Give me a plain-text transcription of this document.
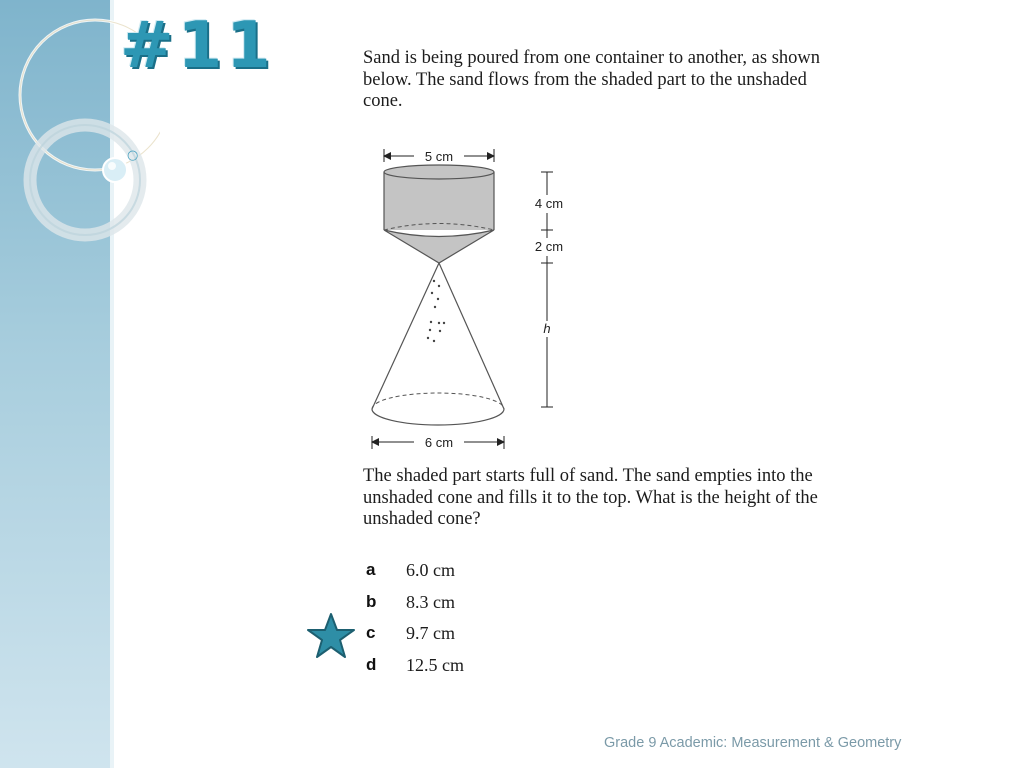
#11
○

Sand is being poured from one container to another, as shown below. The sand flows from the shaded part to the unshaded cone.

5 cm
4 cm
2 cm
h
6 cm

The shaded part starts full of sand. The sand empties into the unshaded cone and fills it to the top. What is the height of the unshaded cone?

a 6.0 cm
b 8.3 cm
c 9.7 cm
d 12.5 cm
Grade 9 Academic: Measurement & Geometry
